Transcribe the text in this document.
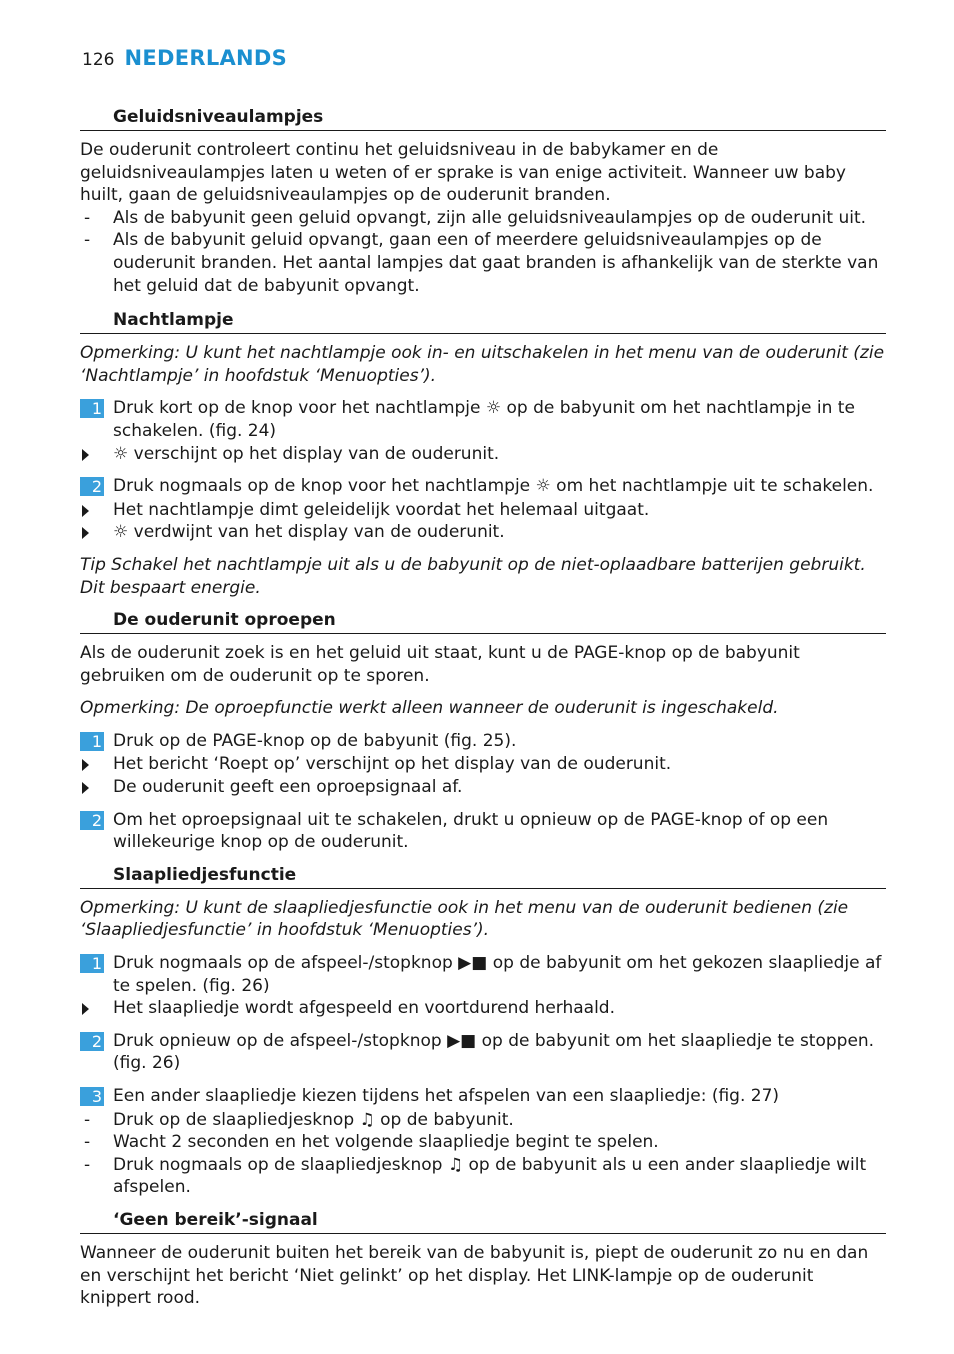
126 NEDERLANDS
Geluidsniveaulampjes

De ouderunit controleert continu het geluidsniveau in de babykamer en de geluidsniveaulampjes laten u weten of er sprake is van enige activiteit. Wanneer uw baby huilt, gaan de geluidsniveaulampjes op de ouderunit branden.

Als de babyunit geen geluid opvangt, zijn alle geluidsniveaulampjes op de ouderunit uit.
Als de babyunit geluid opvangt, gaan een of meerdere geluidsniveaulampjes op de ouderunit branden. Het aantal lampjes dat gaat branden is afhankelijk van de sterkte van het geluid dat de babyunit opvangt.
Nachtlampje

Opmerking: U kunt het nachtlampje ook in- en uitschakelen in het menu van de ouderunit (zie ‘Nachtlampje’ in hoofdstuk ‘Menuopties’).

1 Druk kort op de knop voor het nachtlampje ☼ op de babyunit om het nachtlampje in te schakelen. (fig. 24)
☼ verschijnt op het display van de ouderunit.
2 Druk nogmaals op de knop voor het nachtlampje ☼ om het nachtlampje uit te schakelen.
Het nachtlampje dimt geleidelijk voordat het helemaal uitgaat.
☼ verdwijnt van het display van de ouderunit.

Tip Schakel het nachtlampje uit als u de babyunit op de niet-oplaadbare batterijen gebruikt. Dit bespaart energie.

De ouderunit oproepen

Als de ouderunit zoek is en het geluid uit staat, kunt u de PAGE-knop op de babyunit gebruiken om de ouderunit op te sporen.

Opmerking: De oproepfunctie werkt alleen wanneer de ouderunit is ingeschakeld.

1 Druk op de PAGE-knop op de babyunit (fig. 25).
Het bericht ‘Roept op’ verschijnt op het display van de ouderunit.
De ouderunit geeft een oproepsignaal af.
2 Om het oproepsignaal uit te schakelen, drukt u opnieuw op de PAGE-knop of op een willekeurige knop op de ouderunit.
Slaapliedjesfunctie

Opmerking: U kunt de slaapliedjesfunctie ook in het menu van de ouderunit bedienen (zie ‘Slaapliedjesfunctie’ in hoofdstuk ‘Menuopties’).

1 Druk nogmaals op de afspeel-/stopknop ▶■ op de babyunit om het gekozen slaapliedje af te spelen. (fig. 26)
Het slaapliedje wordt afgespeeld en voortdurend herhaald.
2 Druk opnieuw op de afspeel-/stopknop ▶■ op de babyunit om het slaapliedje te stoppen. (fig. 26)
3 Een ander slaapliedje kiezen tijdens het afspelen van een slaapliedje: (fig. 27)
Druk op de slaapliedjesknop ♫ op de babyunit.
Wacht 2 seconden en het volgende slaapliedje begint te spelen.
Druk nogmaals op de slaapliedjesknop ♫ op de babyunit als u een ander slaapliedje wilt afspelen.
‘Geen bereik’-signaal

Wanneer de ouderunit buiten het bereik van de babyunit is, piept de ouderunit zo nu en dan en verschijnt het bericht ‘Niet gelinkt’ op het display. Het LINK-lampje op de ouderunit knippert rood.
